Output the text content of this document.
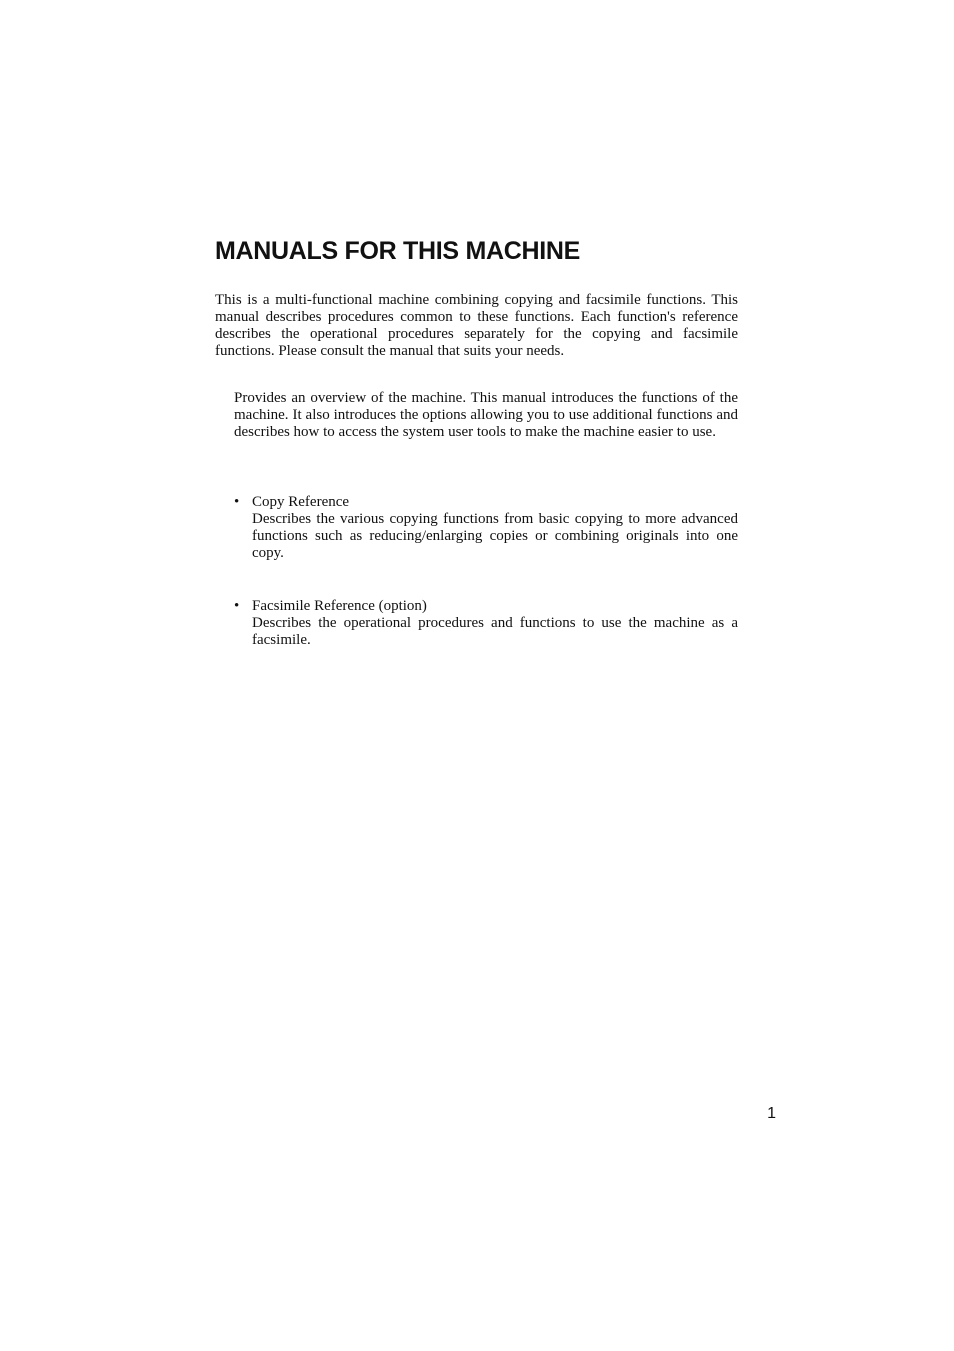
MANUALS FOR THIS MACHINE

This is a multi-functional machine combining copying and facsimile functions. This manual describes procedures common to these functions. Each function's reference describes the operational procedures separately for the copying and facsimile functions. Please consult the manual that suits your needs.

Provides an overview of the machine. This manual introduces the functions of the machine. It also introduces the options allowing you to use additional functions and describes how to access the system user tools to make the machine easier to use.

• Copy Reference
Describes the various copying functions from basic copying to more advanced functions such as reducing/enlarging copies or combining originals into one copy.
• Facsimile Reference (option)
Describes the operational procedures and functions to use the machine as a facsimile.
1
